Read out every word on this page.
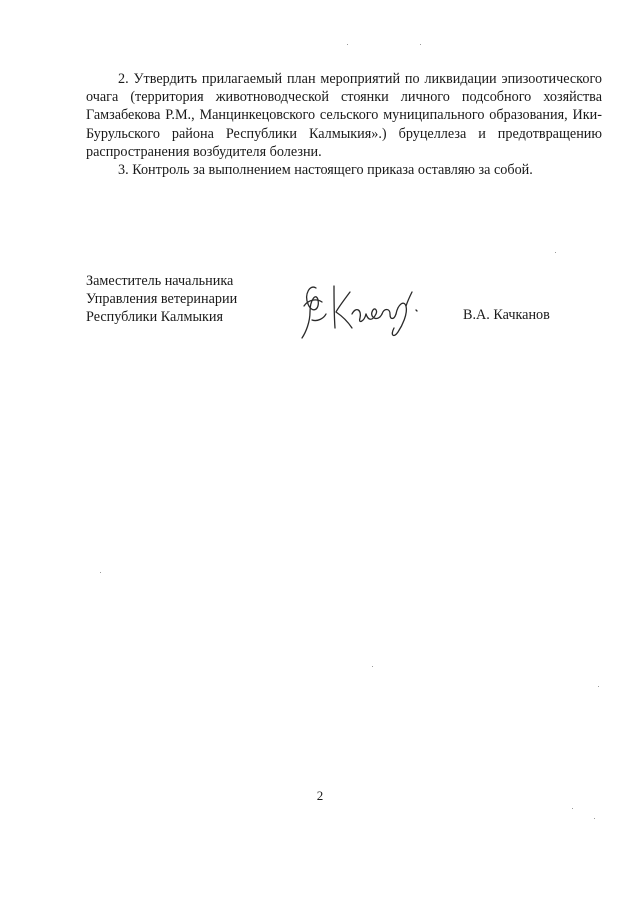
2. Утвердить прилагаемый план мероприятий по ликвидации эпизоотического очага (территория животноводческой стоянки личного подсобного хозяйства Гамзабекова Р.М., Манцинкецовского сельского муниципального образования, Ики-Бурульского района Республики Калмыкия».) бруцеллеза и предотвращению распространения возбудителя болезни.

3. Контроль за выполнением настоящего приказа оставляю за собой.

Заместитель начальника
Управления ветеринарии
Республики Калмыкия	В.А. Качканов
2
